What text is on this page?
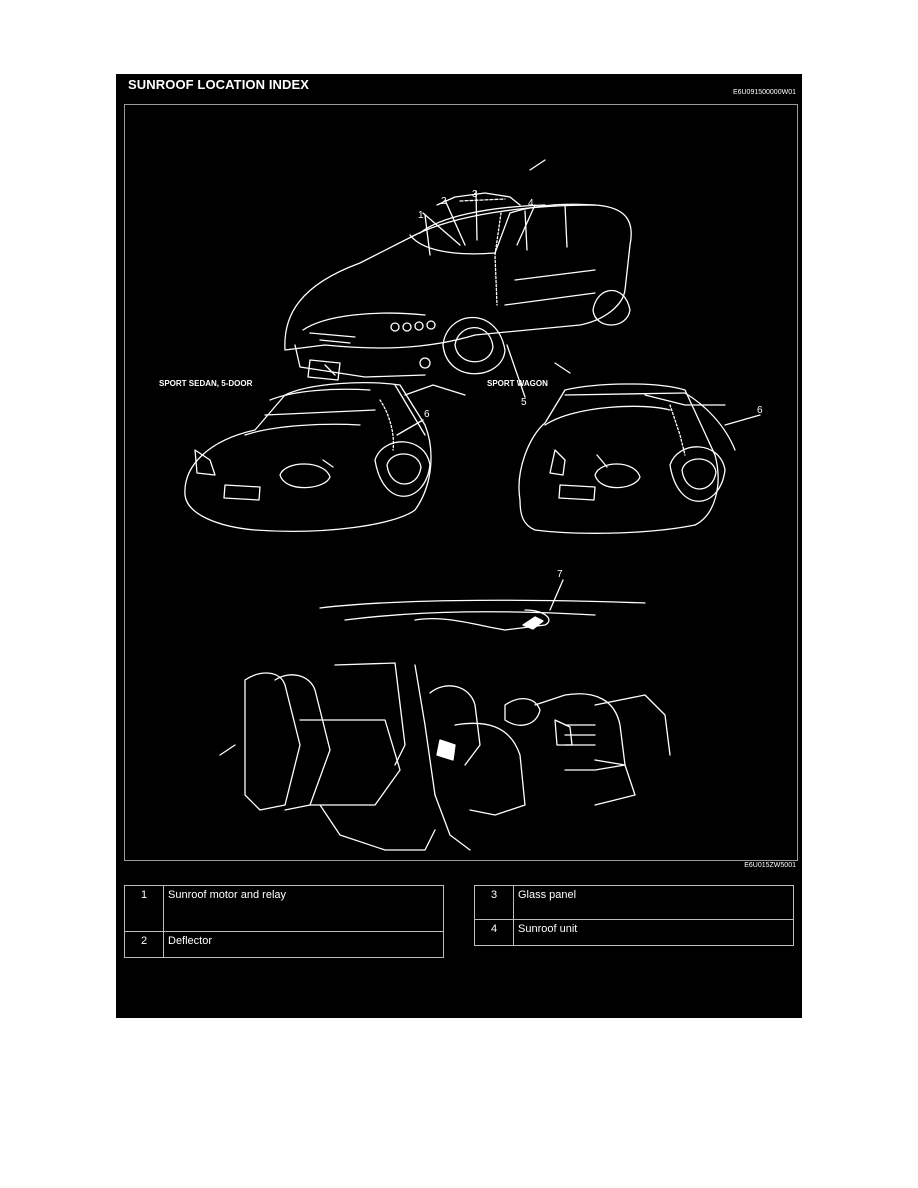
SUNROOF LOCATION INDEX
E6U091500000W01
1
2
3
4
5
6	6
7
SPORT SEDAN, 5-DOOR	SPORT WAGON
E6U015ZW5001
1	Sunroof motor and relay
2	Deflector
3	Glass panel
4	Sunroof unit
